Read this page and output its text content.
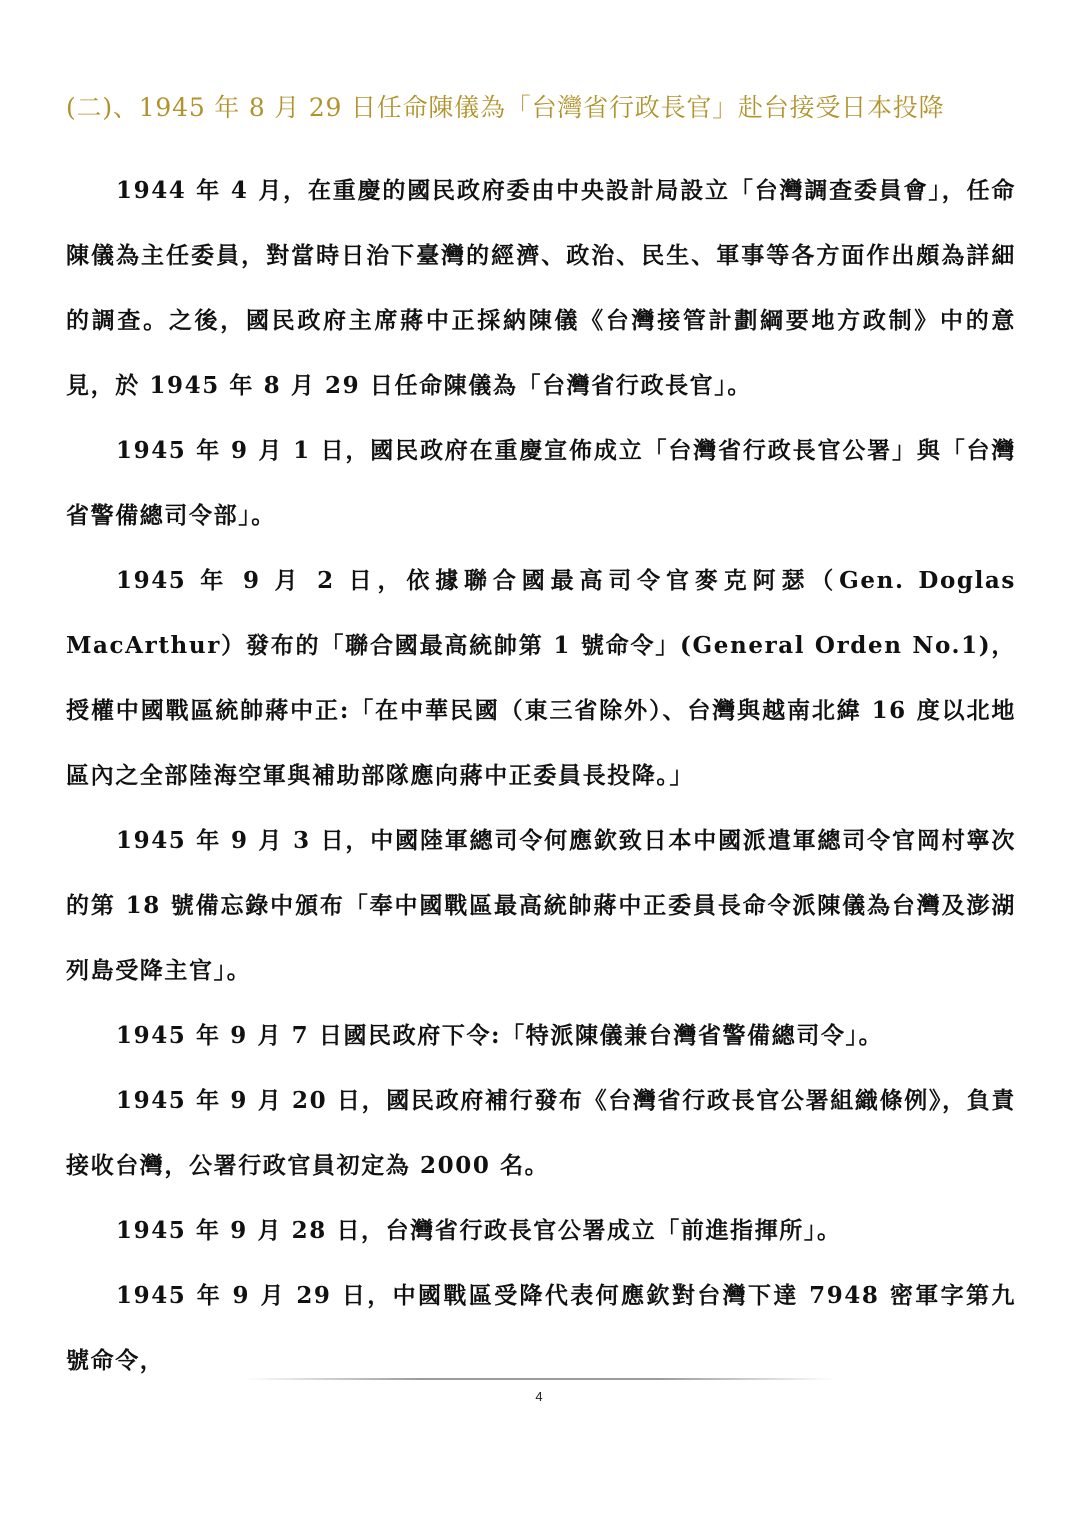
(二)、1945 年 8 月 29 日任命陳儀為「台灣省行政長官」赴台接受日本投降

1944 年 4 月，在重慶的國民政府委由中央設計局設立「台灣調查委員會」，任命陳儀為主任委員，對當時日治下臺灣的經濟、政治、民生、軍事等各方面作出頗為詳細的調查。之後，國民政府主席蔣中正採納陳儀《台灣接管計劃綱要地方政制》中的意見，於 1945 年 8 月 29 日任命陳儀為「台灣省行政長官」。

1945 年 9 月 1 日，國民政府在重慶宣佈成立「台灣省行政長官公署」與「台灣省警備總司令部」。

1945 年 9 月 2 日，依據聯合國最高司令官麥克阿瑟（Gen. Doglas MacArthur）發布的「聯合國最高統帥第 1 號命令」(General Orden No.1)，授權中國戰區統帥蔣中正:「在中華民國（東三省除外）、台灣與越南北緯 16 度以北地區內之全部陸海空軍與補助部隊應向蔣中正委員長投降。」

1945 年 9 月 3 日，中國陸軍總司令何應欽致日本中國派遣軍總司令官岡村寧次的第 18 號備忘錄中頒布「奉中國戰區最高統帥蔣中正委員長命令派陳儀為台灣及澎湖列島受降主官」。

1945 年 9 月 7 日國民政府下令:「特派陳儀兼台灣省警備總司令」。

1945 年 9 月 20 日，國民政府補行發布《台灣省行政長官公署組織條例》，負責接收台灣，公署行政官員初定為 2000 名。

1945 年 9 月 28 日，台灣省行政長官公署成立「前進指揮所」。

1945 年 9 月 29 日，中國戰區受降代表何應欽對台灣下達 7948 密軍字第九號命令，

4
